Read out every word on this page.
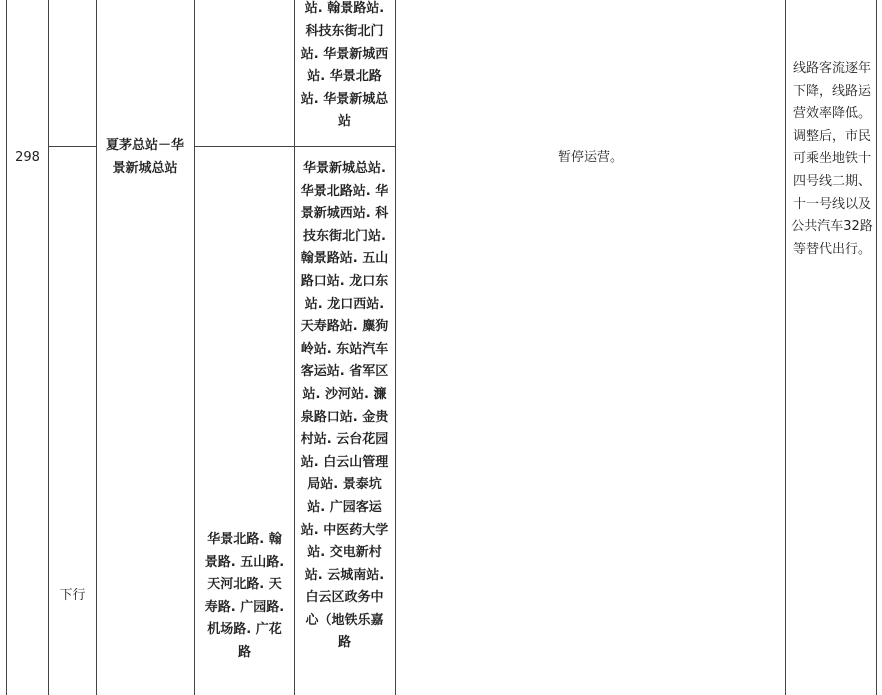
298
夏茅总站－华景新城总站
站. 翰景路站. 科技东街北门站. 华景新城西站. 华景北路站. 华景新城总站
下行
华景北路. 翰景路. 五山路. 天河北路. 天寿路. 广园路. 机场路. 广花路
华景新城总站. 华景北路站. 华景新城西站. 科技东街北门站. 翰景路站. 五山路口站. 龙口东站. 龙口西站. 天寿路站. 麋狗岭站. 东站汽车客运站. 省军区站. 沙河站. 濂泉路口站. 金贵村站. 云台花园站. 白云山管理局站. 景泰坑站. 广园客运站. 中医药大学站. 交电新村站. 云城南站. 白云区政务中心（地铁乐嘉路
暂停运营。
线路客流逐年下降，线路运营效率降低。调整后，市民可乘坐地铁十四号线二期、十一号线以及公共汽车32路等替代出行。
